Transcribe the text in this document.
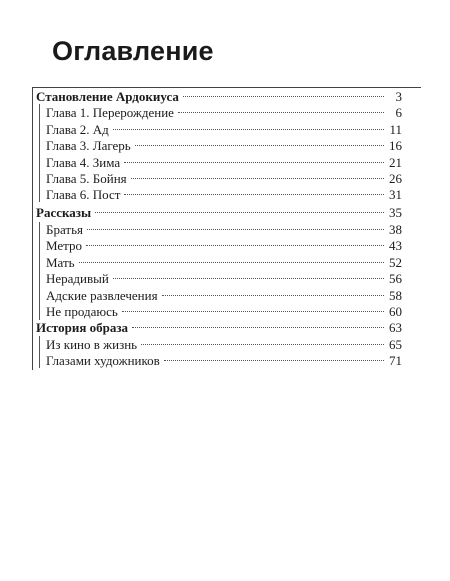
Оглавление
Становление Ардокиуса	3
Глава 1. Перерождение	6
Глава 2. Ад	11
Глава 3. Лагерь	16
Глава 4. Зима	21
Глава 5. Бойня	26
Глава 6. Пост	31
Рассказы	35
Братья	38
Метро	43
Мать	52
Нерадивый	56
Адские развлечения	58
Не продаюсь	60
История образа	63
Из кино в жизнь	65
Глазами художников	71
